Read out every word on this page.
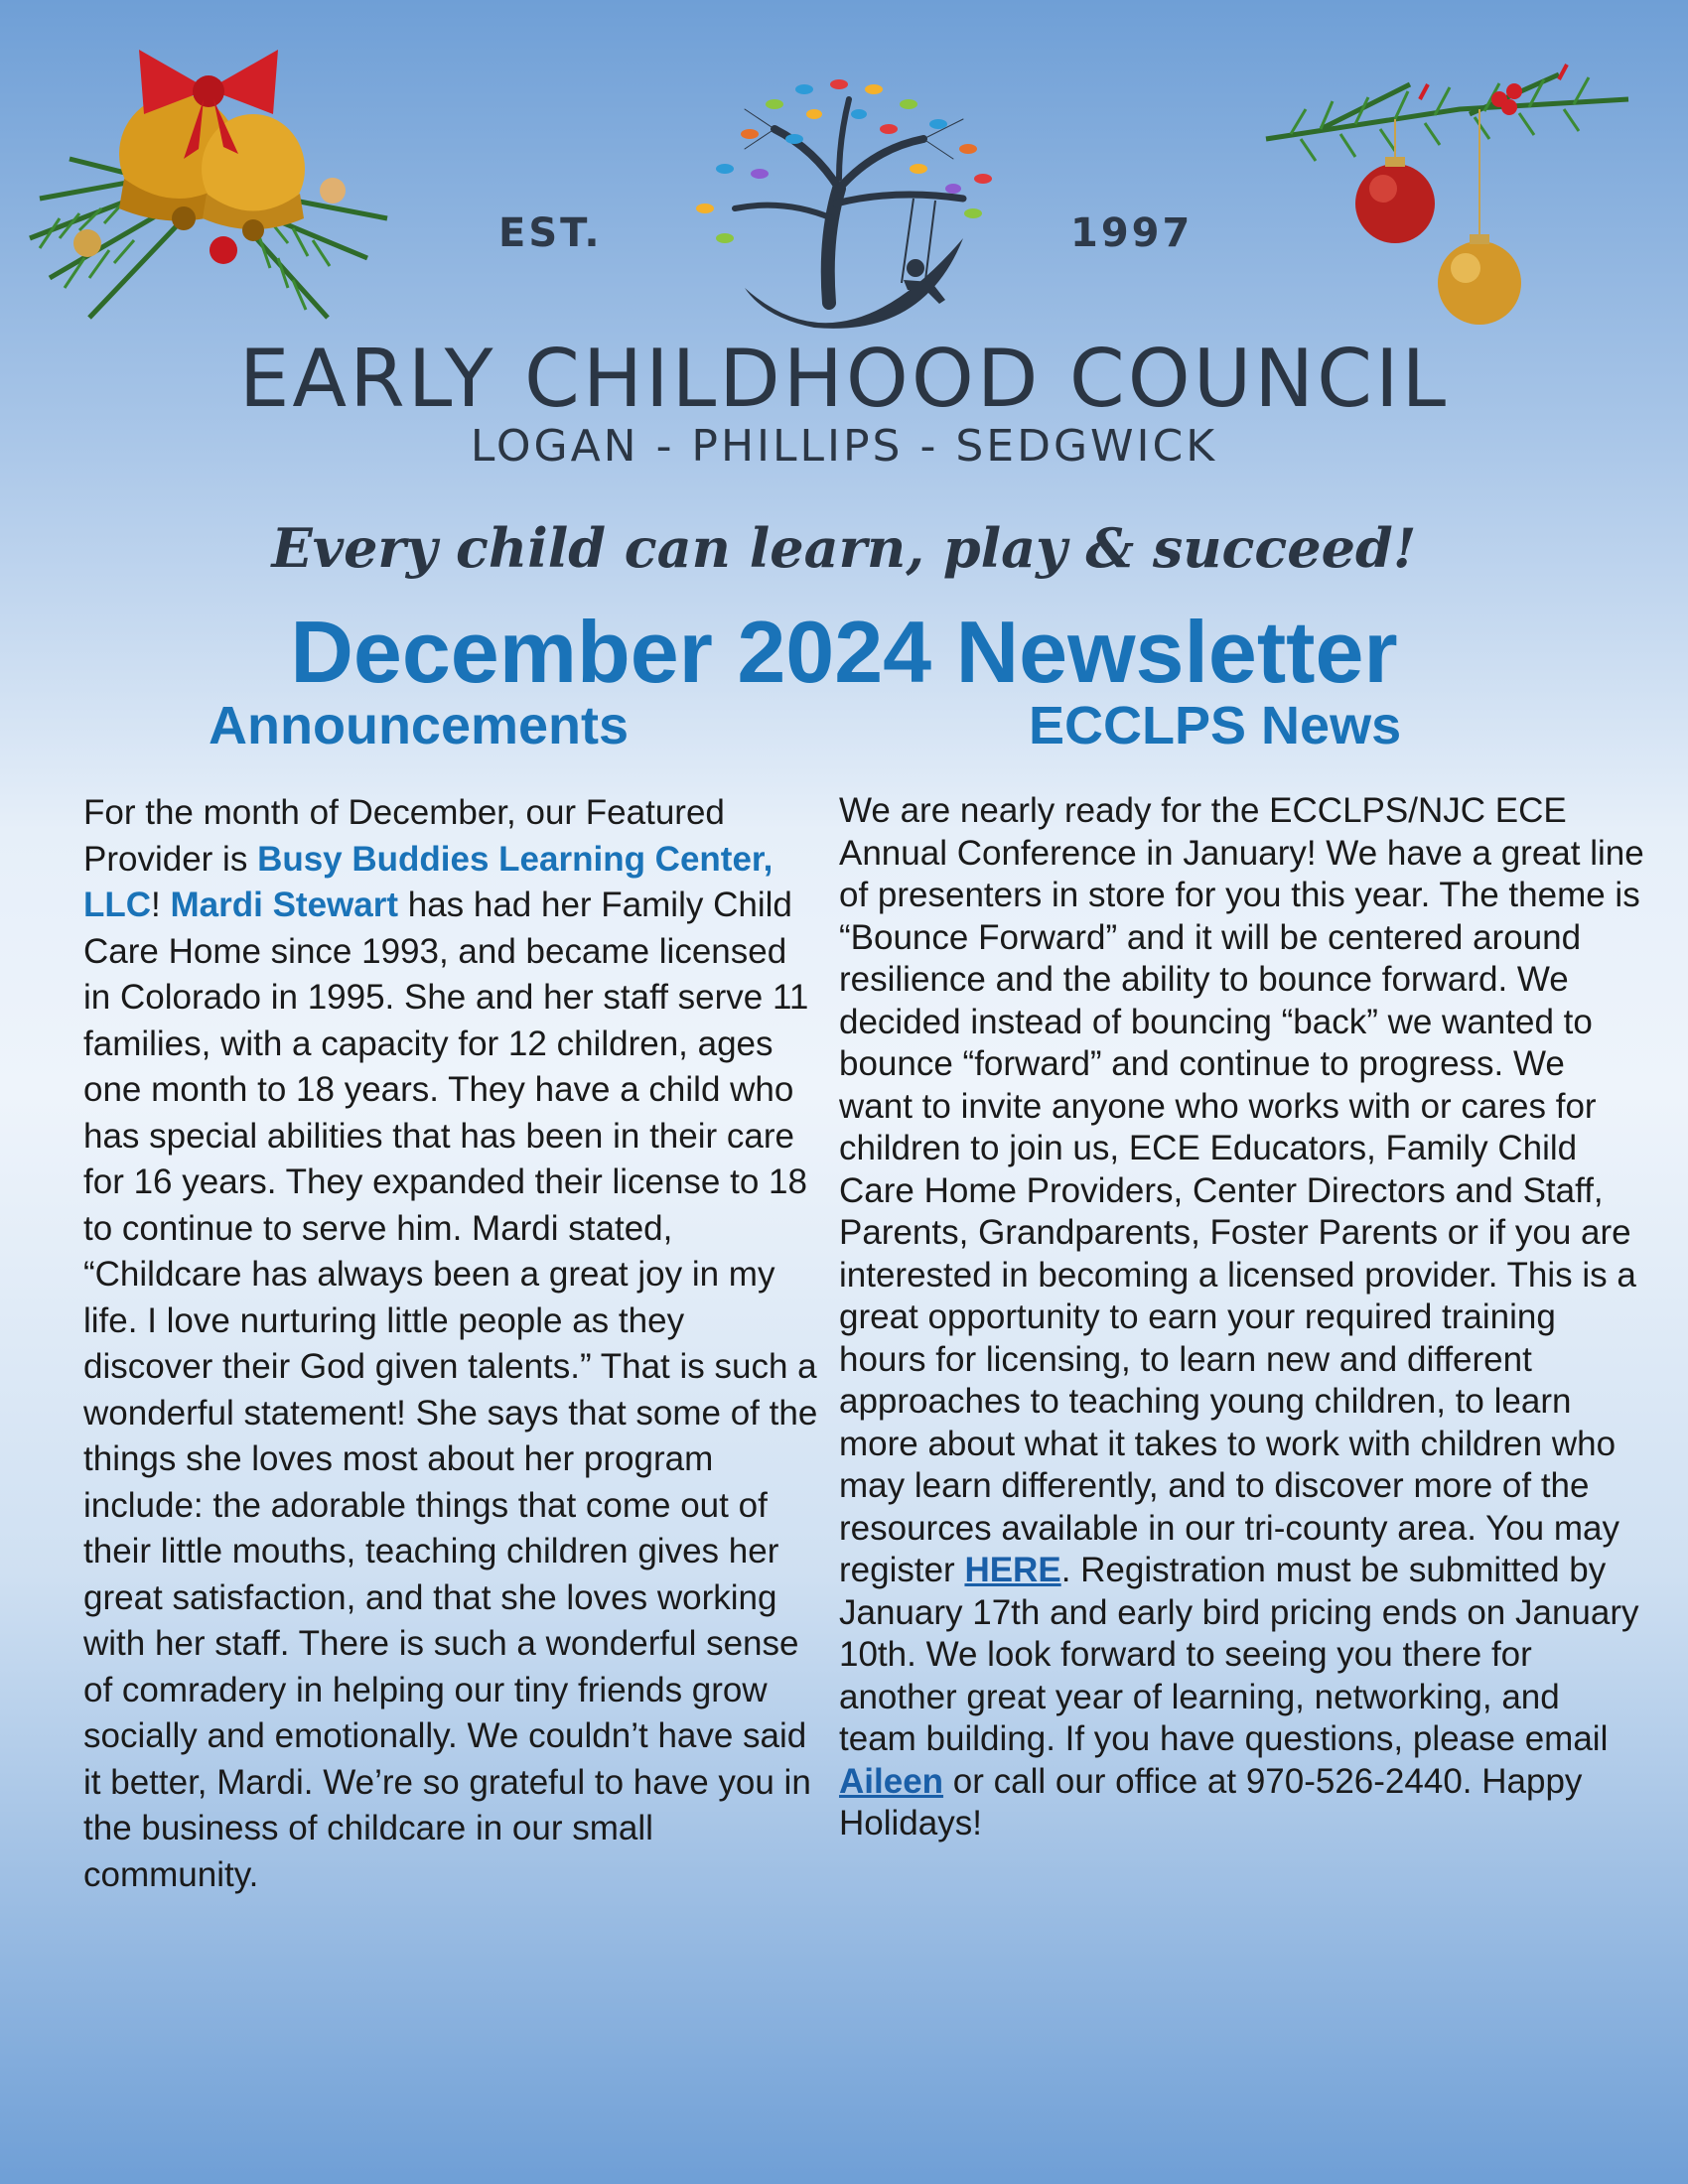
EST.	1997
EARLY CHILDHOOD COUNCIL
LOGAN - PHILLIPS - SEDGWICK
Every child can learn, play & succeed!
December 2024 Newsletter
Announcements	ECCLPS News

For the month of December, our Featured Provider is Busy Buddies Learning Center, LLC! Mardi Stewart has had her Family Child Care Home since 1993, and became licensed in Colorado in 1995. She and her staff serve 11 families, with a capacity for 12 children, ages one month to 18 years. They have a child who has special abilities that has been in their care for 16 years. They expanded their license to 18 to continue to serve him. Mardi stated, “Childcare has always been a great joy in my life. I love nurturing little people as they discover their God given talents.” That is such a wonderful statement! She says that some of the things she loves most about her program include: the adorable things that come out of their little mouths, teaching children gives her great satisfaction, and that she loves working with her staff. There is such a wonderful sense of comradery in helping our tiny friends grow socially and emotionally. We couldn’t have said it better, Mardi. We’re so grateful to have you in the business of childcare in our small community.

We are nearly ready for the ECCLPS/NJC ECE Annual Conference in January! We have a great line of presenters in store for you this year. The theme is “Bounce Forward” and it will be centered around resilience and the ability to bounce forward. We decided instead of bouncing “back” we wanted to bounce “forward” and continue to progress. We want to invite anyone who works with or cares for children to join us, ECE Educators, Family Child Care Home Providers, Center Directors and Staff, Parents, Grandparents, Foster Parents or if you are interested in becoming a licensed provider. This is a great opportunity to earn your required training hours for licensing, to learn new and different approaches to teaching young children, to learn more about what it takes to work with children who may learn differently, and to discover more of the resources available in our tri-county area. You may register HERE. Registration must be submitted by January 17th and early bird pricing ends on January 10th. We look forward to seeing you there for another great year of learning, networking, and team building. If you have questions, please email Aileen or call our office at 970-526-2440. Happy Holidays!
